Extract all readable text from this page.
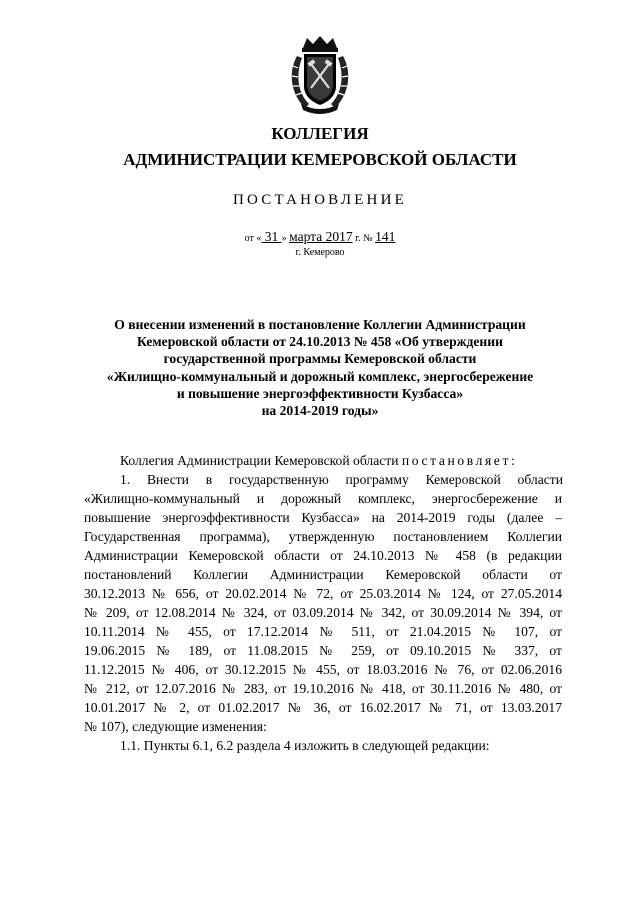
КОЛЛЕГИЯ
АДМИНИСТРАЦИИ КЕМЕРОВСКОЙ ОБЛАСТИ
ПОСТАНОВЛЕНИЕ
от « 31 » марта 2017 г. № 141
г. Кемерово
О внесении изменений в постановление Коллегии Администрации
Кемеровской области от 24.10.2013 № 458 «Об утверждении
государственной программы Кемеровской области
«Жилищно-коммунальный и дорожный комплекс, энергосбережение
и повышение энергоэффективности Кузбасса»
на 2014-2019 годы»
Коллегия Администрации Кемеровской области постановляет:
1. Внести в государственную программу Кемеровской области
«Жилищно-коммунальный и дорожный комплекс, энергосбережение и
повышение энергоэффективности Кузбасса» на 2014-2019 годы (далее –
Государственная программа), утвержденную постановлением Коллегии
Администрации Кемеровской области от 24.10.2013 № 458 (в редакции
постановлений Коллегии Администрации Кемеровской области от
30.12.2013 № 656, от 20.02.2014 № 72, от 25.03.2014 № 124, от 27.05.2014
№ 209, от 12.08.2014 № 324, от 03.09.2014 № 342, от 30.09.2014 № 394, от
10.11.2014 № 455, от 17.12.2014 № 511, от 21.04.2015 № 107, от
19.06.2015 № 189, от 11.08.2015 № 259, от 09.10.2015 № 337, от
11.12.2015 № 406, от 30.12.2015 № 455, от 18.03.2016 № 76, от 02.06.2016
№ 212, от 12.07.2016 № 283, от 19.10.2016 № 418, от 30.11.2016 № 480, от
10.01.2017 № 2, от 01.02.2017 № 36, от 16.02.2017 № 71, от 13.03.2017
№ 107), следующие изменения:
1.1. Пункты 6.1, 6.2 раздела 4 изложить в следующей редакции:
